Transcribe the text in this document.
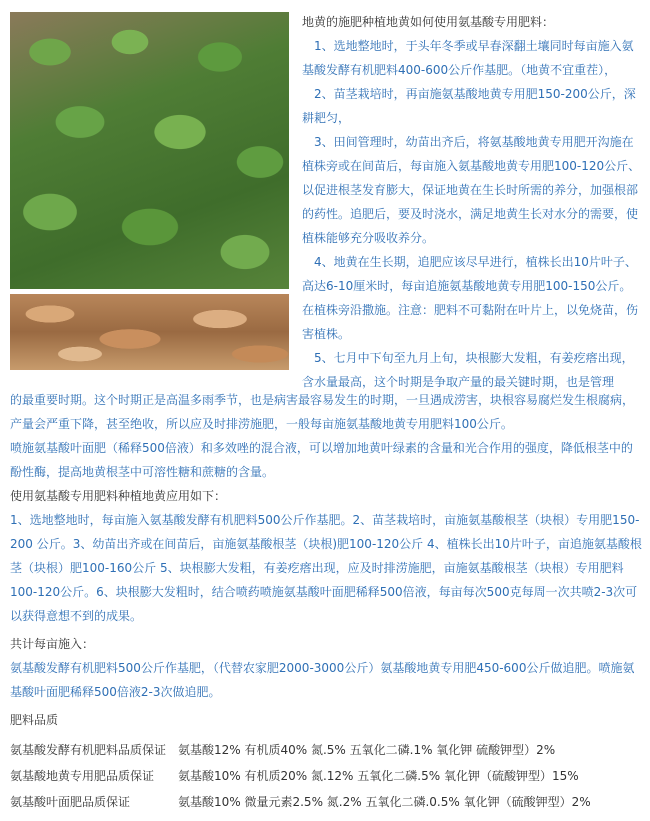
地黄的施肥种植地黄如何使用氨基酸专用肥料：

1、选地整地时，于头年冬季或早春深翻土壤同时每亩施入氨基酸发酵有机肥料400-600公斤作基肥。（地黄不宜重茬），

2、苗茎栽培时，再亩施氨基酸地黄专用肥150-200公斤，深耕耙匀，

3、田间管理时，幼苗出齐后，将氨基酸地黄专用肥开沟施在植株旁或在间苗后，每亩施入氨基酸地黄专用肥100-120公斤、以促进根茎发育膨大，保证地黄在生长时所需的养分，加强根部的药性。追肥后，要及时浇水，满足地黄生长对水分的需要，使植株能够充分吸收养分。

4、地黄在生长期，追肥应该尽早进行，植株长出10片叶子、高达6-10厘米时，每亩追施氨基酸地黄专用肥100-150公斤。在植株旁沿撒施。注意：肥料不可黏附在叶片上，以免烧苗，伤害植株。

5、七月中下旬至九月上旬，块根膨大发粗，有姜疙瘩出现，含水量最高，这个时期是争取产量的最关键时期，也是管理

的最重要时期。这个时期正是高温多雨季节，也是病害最容易发生的时期，一旦遇成涝害，块根容易腐烂发生根腐病，产量会严重下降，甚至绝收，所以应及时排涝施肥，一般每亩施氨基酸地黄专用肥料100公斤。

喷施氨基酸叶面肥（稀释500倍液）和多效唑的混合液，可以增加地黄叶绿素的含量和光合作用的强度，降低根茎中的酚性酶，提高地黄根茎中可溶性糖和蔗糖的含量。

使用氨基酸专用肥料种植地黄应用如下：

1、选地整地时，每亩施入氨基酸发酵有机肥料500公斤作基肥。2、苗茎栽培时，亩施氨基酸根茎（块根）专用肥150-200 公斤。3、幼苗出齐或在间苗后，亩施氨基酸根茎（块根)肥100-120公斤 4、植株长出10片叶子，亩追施氨基酸根茎（块根）肥100-160公斤 5、块根膨大发粗，有姜疙瘩出现，应及时排涝施肥，亩施氨基酸根茎（块根）专用肥料100-120公斤。6、块根膨大发粗时，结合喷药喷施氨基酸叶面肥稀释500倍液，每亩每次500克每周一次共喷2-3次可以获得意想不到的成果。

共计每亩施入：

氨基酸发酵有机肥料500公斤作基肥，（代替农家肥2000-3000公斤）氨基酸地黄专用肥450-600公斤做追肥。喷施氨基酸叶面肥稀释500倍液2-3次做追肥。

肥料品质

氨基酸发酵有机肥料品质保证 氨基酸12% 有机质40% 氮.5% 五氧化二磷.1% 氧化钾 硫酸钾型）2%
氨基酸地黄专用肥品质保证 氨基酸10% 有机质20% 氮.12% 五氧化二磷.5% 氧化钾（硫酸钾型）15%
氨基酸叶面肥品质保证	氨基酸10% 微量元素2.5% 氮.2% 五氧化二磷.0.5% 氧化钾（硫酸钾型）2%
